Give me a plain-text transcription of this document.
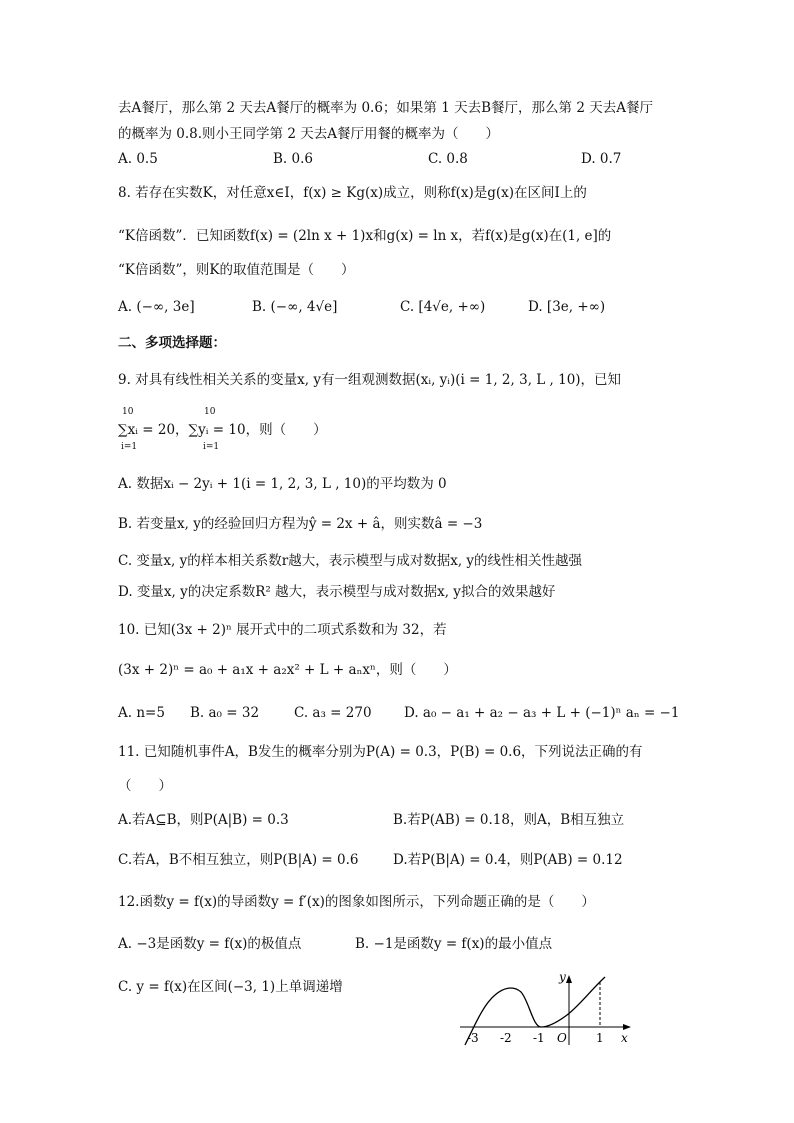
去A餐厅，那么第 2 天去A餐厅的概率为 0.6；如果第 1 天去B餐厅，那么第 2 天去A餐厅
的概率为 0.8.则小王同学第 2 天去A餐厅用餐的概率为（　　）
A. 0.5	B. 0.6	C. 0.8	D. 0.7
8. 若存在实数K，对任意x∈I，f(x) ≥ Kg(x)成立，则称f(x)是g(x)在区间I上的
“K倍函数”．已知函数f(x) = (2ln x + 1)x和g(x) = ln x，若f(x)是g(x)在(1, e]的
“K倍函数”，则K的取值范围是（　　）
A. (−∞, 3e]	B. (−∞, 4√e]	C. [4√e, +∞)	D. [3e, +∞)
二、多项选择题：
9. 对具有线性相关关系的变量x, y有一组观测数据(xᵢ, yᵢ)(i = 1, 2, 3, L , 10)，已知
10	10
∑xᵢ = 20，∑yᵢ = 10，则（　　）
i=1	i=1
A. 数据xᵢ − 2yᵢ + 1(i = 1, 2, 3, L , 10)的平均数为 0
B. 若变量x, y的经验回归方程为ŷ = 2x + â，则实数â = −3
C. 变量x, y的样本相关系数r越大，表示模型与成对数据x, y的线性相关性越强
D. 变量x, y的决定系数R² 越大，表示模型与成对数据x, y拟合的效果越好
10. 已知(3x + 2)ⁿ 展开式中的二项式系数和为 32，若
(3x + 2)ⁿ = a₀ + a₁x + a₂x² + L + aₙxⁿ，则（　　）
A. n=5 B. a₀ = 32	C. a₃ = 270 D. a₀ − a₁ + a₂ − a₃ + L + (−1)ⁿ aₙ = −1
11. 已知随机事件A，B发生的概率分别为P(A) = 0.3，P(B) = 0.6，下列说法正确的有
（　　）
A.若A⊆B，则P(A|B) = 0.3	B.若P(AB) = 0.18，则A，B相互独立
C.若A，B不相互独立，则P(B|A) = 0.6	D.若P(B|A) = 0.4，则P(AB) = 0.12
12.函数y = f(x)的导函数y = f′(x)的图象如图所示，下列命题正确的是（　　）
A. −3是函数y = f(x)的极值点	B. −1是函数y = f(x)的最小值点
C. y = f(x)在区间(−3, 1)上单调递增
y
x
O
-3 -2 -1	1
